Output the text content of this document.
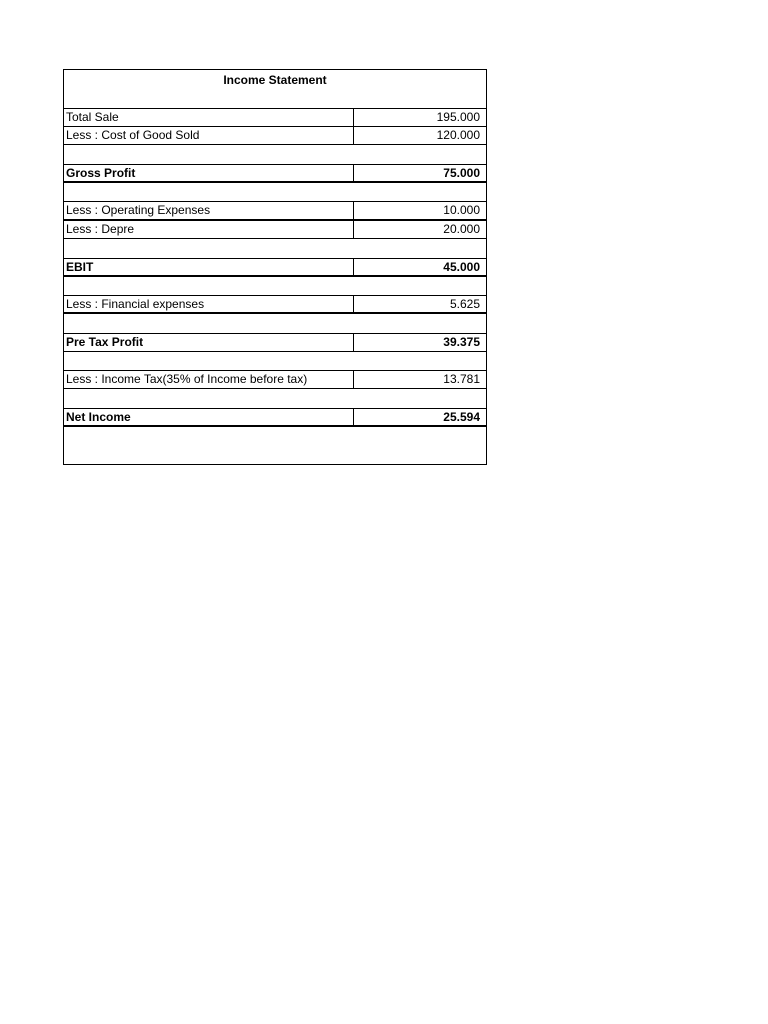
Income Statement
Total Sale	195.000
Less : Cost of Good Sold	120.000
Gross Profit	75.000
Less : Operating Expenses	10.000
Less : Depre	20.000
EBIT	45.000
Less : Financial expenses	5.625
Pre Tax Profit	39.375
Less : Income Tax(35% of Income before tax)	13.781
Net Income	25.594
